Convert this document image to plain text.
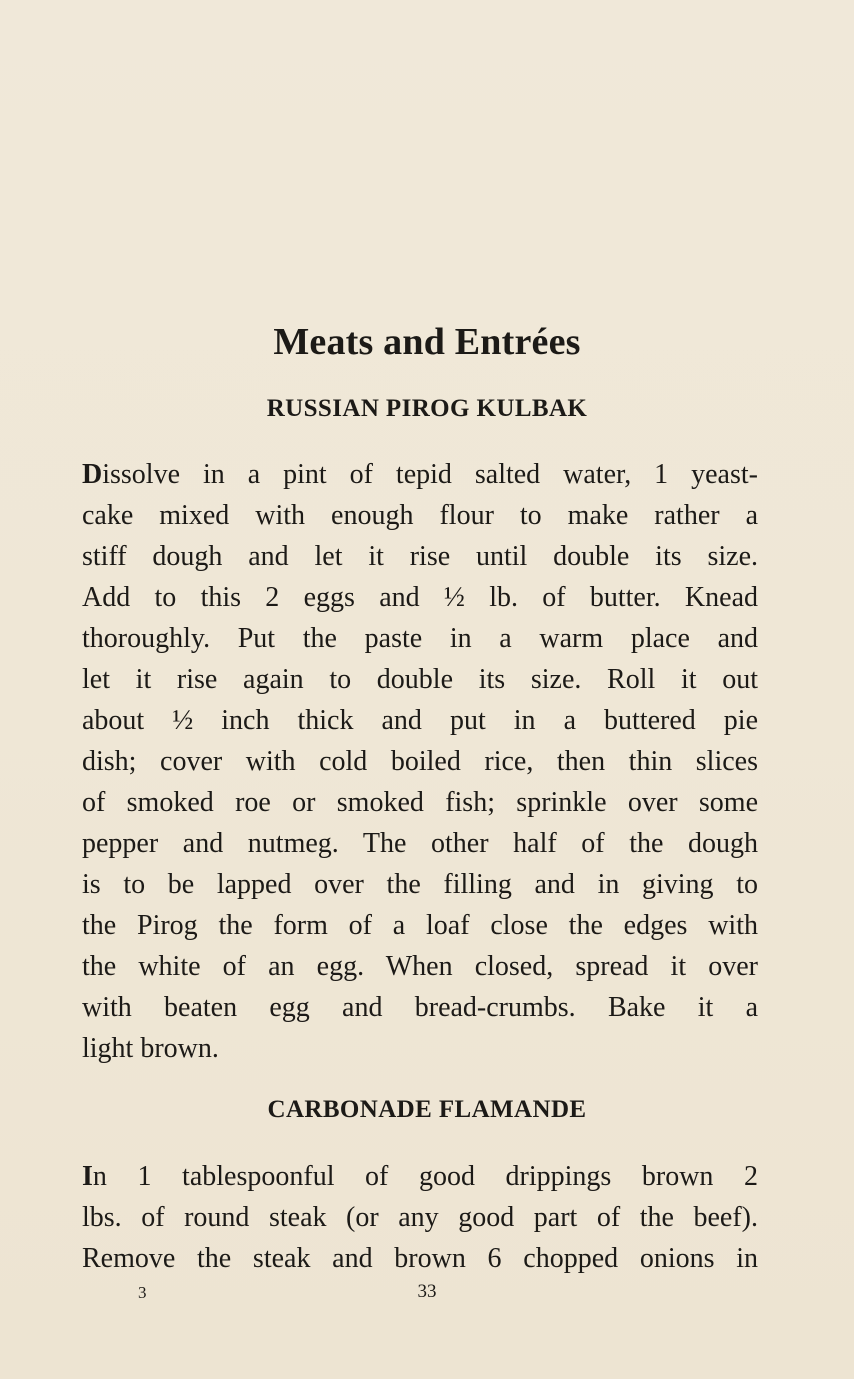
Meats and Entrées
RUSSIAN PIROG KULBAK
Dissolve in a pint of tepid salted water, 1 yeast-
cake mixed with enough flour to make rather a
stiff dough and let it rise until double its size.
Add to this 2 eggs and ½ lb. of butter. Knead
thoroughly. Put the paste in a warm place and
let it rise again to double its size. Roll it out
about ½ inch thick and put in a buttered pie
dish; cover with cold boiled rice, then thin slices
of smoked roe or smoked fish; sprinkle over some
pepper and nutmeg. The other half of the dough
is to be lapped over the filling and in giving to
the Pirog the form of a loaf close the edges with
the white of an egg. When closed, spread it over
with beaten egg and bread-crumbs. Bake it a
light brown.
CARBONADE FLAMANDE
In 1 tablespoonful of good drippings brown 2
lbs. of round steak (or any good part of the beef).
Remove the steak and brown 6 chopped onions in
3	33
